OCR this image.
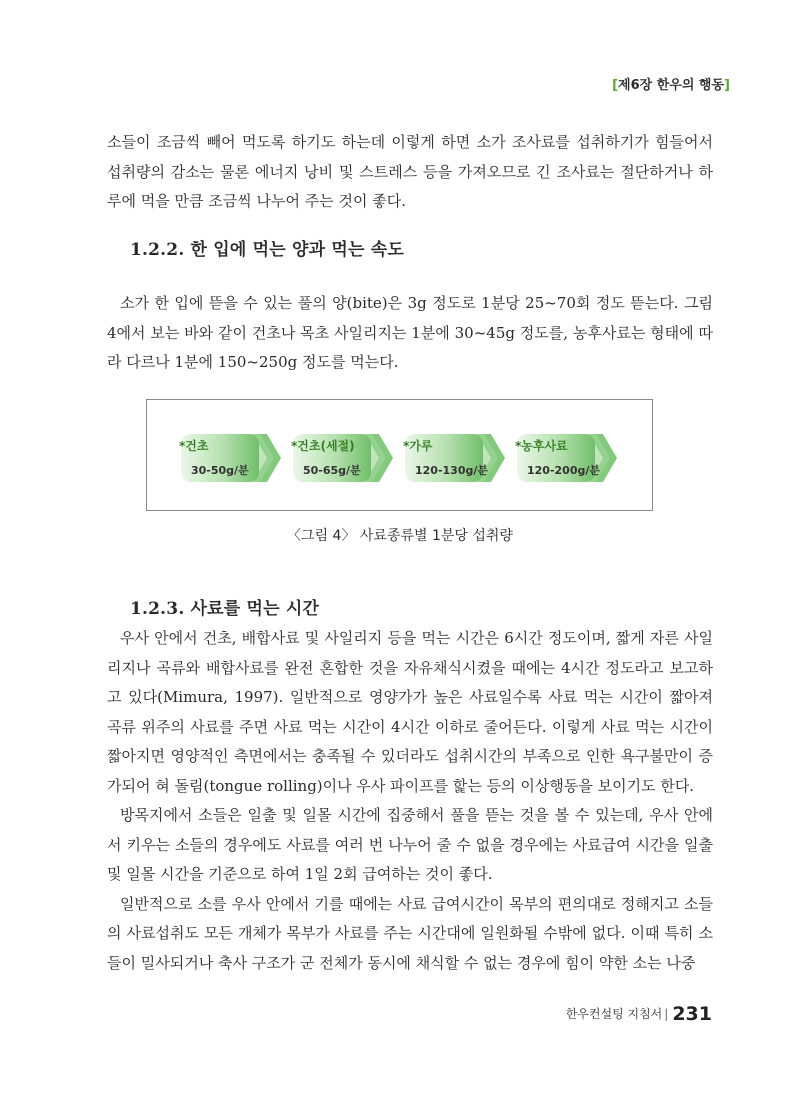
[제6장 한우의 행동]

소들이 조금씩 빼어 먹도록 하기도 하는데 이렇게 하면 소가 조사료를 섭취하기가 힘들어서 섭취량의 감소는 물론 에너지 낭비 및 스트레스 등을 가져오므로 긴 조사료는 절단하거나 하루에 먹을 만큼 조금씩 나누어 주는 것이 좋다.

1.2.2. 한 입에 먹는 양과 먹는 속도

소가 한 입에 뜯을 수 있는 풀의 양(bite)은 3g 정도로 1분당 25~70회 정도 뜯는다. 그림 4에서 보는 바와 같이 건초나 목초 사일리지는 1분에 30~45g 정도를, 농후사료는 형태에 따라 다르나 1분에 150~250g 정도를 먹는다.

*건초
30-50g/분
*건초(세절)
50-65g/분
*가루
120-130g/분
*농후사료
120-200g/분
〈그림 4〉 사료종류별 1분당 섭취량
1.2.3. 사료를 먹는 시간

우사 안에서 건초, 배합사료 및 사일리지 등을 먹는 시간은 6시간 정도이며, 짧게 자른 사일리지나 곡류와 배합사료를 완전 혼합한 것을 자유채식시켰을 때에는 4시간 정도라고 보고하고 있다(Mimura, 1997). 일반적으로 영양가가 높은 사료일수록 사료 먹는 시간이 짧아져 곡류 위주의 사료를 주면 사료 먹는 시간이 4시간 이하로 줄어든다. 이렇게 사료 먹는 시간이 짧아지면 영양적인 측면에서는 충족될 수 있더라도 섭취시간의 부족으로 인한 욕구불만이 증가되어 혀 돌림(tongue rolling)이나 우사 파이프를 핥는 등의 이상행동을 보이기도 한다.

방목지에서 소들은 일출 및 일몰 시간에 집중해서 풀을 뜯는 것을 볼 수 있는데, 우사 안에서 키우는 소들의 경우에도 사료를 여러 번 나누어 줄 수 없을 경우에는 사료급여 시간을 일출 및 일몰 시간을 기준으로 하여 1일 2회 급여하는 것이 좋다.

일반적으로 소를 우사 안에서 기를 때에는 사료 급여시간이 목부의 편의대로 정해지고 소들의 사료섭취도 모든 개체가 목부가 사료를 주는 시간대에 일원화될 수밖에 없다. 이때 특히 소들이 밀사되거나 축사 구조가 군 전체가 동시에 채식할 수 없는 경우에 힘이 약한 소는 나중

한우컨설팅 지침서 | 231
